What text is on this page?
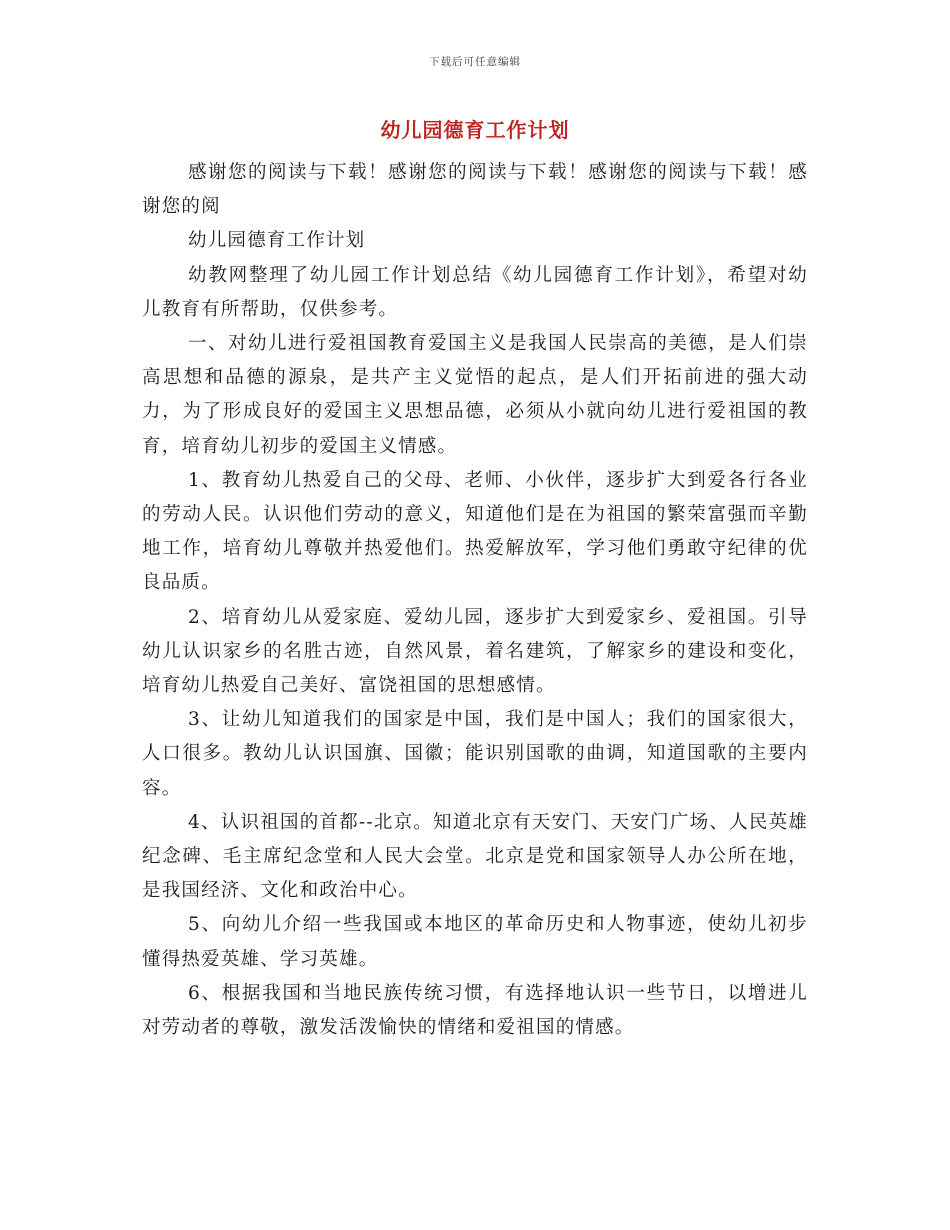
下载后可任意编辑
幼儿园德育工作计划

感谢您的阅读与下载！感谢您的阅读与下载！感谢您的阅读与下载！感谢您的阅

幼儿园德育工作计划

幼教网整理了幼儿园工作计划总结《幼儿园德育工作计划》，希望对幼儿教育有所帮助，仅供参考。

一、对幼儿进行爱祖国教育爱国主义是我国人民崇高的美德，是人们崇高思想和品德的源泉，是共产主义觉悟的起点，是人们开拓前进的强大动力，为了形成良好的爱国主义思想品德，必须从小就向幼儿进行爱祖国的教育，培育幼儿初步的爱国主义情感。

1、教育幼儿热爱自己的父母、老师、小伙伴，逐步扩大到爱各行各业的劳动人民。认识他们劳动的意义，知道他们是在为祖国的繁荣富强而辛勤地工作，培育幼儿尊敬并热爱他们。热爱解放军，学习他们勇敢守纪律的优良品质。

2、培育幼儿从爱家庭、爱幼儿园，逐步扩大到爱家乡、爱祖国。引导幼儿认识家乡的名胜古迹，自然风景，着名建筑，了解家乡的建设和变化，培育幼儿热爱自己美好、富饶祖国的思想感情。

3、让幼儿知道我们的国家是中国，我们是中国人；我们的国家很大，人口很多。教幼儿认识国旗、国徽；能识别国歌的曲调，知道国歌的主要内容。

4、认识祖国的首都--北京。知道北京有天安门、天安门广场、人民英雄纪念碑、毛主席纪念堂和人民大会堂。北京是党和国家领导人办公所在地，是我国经济、文化和政治中心。

5、向幼儿介绍一些我国或本地区的革命历史和人物事迹，使幼儿初步懂得热爱英雄、学习英雄。

6、根据我国和当地民族传统习惯，有选择地认识一些节日，以增进儿对劳动者的尊敬，激发活泼愉快的情绪和爱祖国的情感。
